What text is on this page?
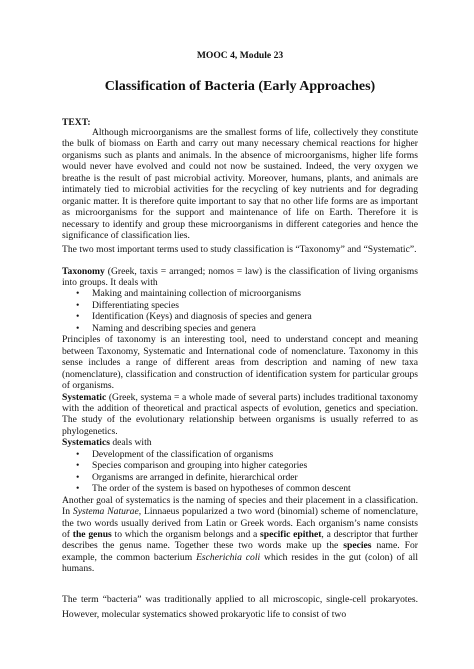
MOOC 4, Module 23
Classification of Bacteria (Early Approaches)
TEXT:

Although microorganisms are the smallest forms of life, collectively they constitute the bulk of biomass on Earth and carry out many necessary chemical reactions for higher organisms such as plants and animals. In the absence of microorganisms, higher life forms would never have evolved and could not now be sustained. Indeed, the very oxygen we breathe is the result of past microbial activity. Moreover, humans, plants, and animals are intimately tied to microbial activities for the recycling of key nutrients and for degrading organic matter. It is therefore quite important to say that no other life forms are as important as microorganisms for the support and maintenance of life on Earth. Therefore it is necessary to identify and group these microorganisms in different categories and hence the significance of classification lies.

The two most important terms used to study classification is “Taxonomy” and “Systematic”.

Taxonomy (Greek, taxis = arranged; nomos = law) is the classification of living organisms into groups. It deals with

• Making and maintaining collection of microorganisms
• Differentiating species
• Identification (Keys) and diagnosis of species and genera
• Naming and describing species and genera

Principles of taxonomy is an interesting tool, need to understand concept and meaning between Taxonomy, Systematic and International code of nomenclature. Taxonomy in this sense includes a range of different areas from description and naming of new taxa (nomenclature), classification and construction of identification system for particular groups of organisms.

Systematic (Greek, systema = a whole made of several parts) includes traditional taxonomy with the addition of theoretical and practical aspects of evolution, genetics and speciation. The study of the evolutionary relationship between organisms is usually referred to as phylogenetics.

Systematics deals with

• Development of the classification of organisms
• Species comparison and grouping into higher categories
• Organisms are arranged in definite, hierarchical order
• The order of the system is based on hypotheses of common descent

Another goal of systematics is the naming of species and their placement in a classification. In Systema Naturae, Linnaeus popularized a two word (binomial) scheme of nomenclature, the two words usually derived from Latin or Greek words. Each organism’s name consists of the genus to which the organism belongs and a specific epithet, a descriptor that further describes the genus name. Together these two words make up the species name. For example, the common bacterium Escherichia coli which resides in the gut (colon) of all humans.

The term “bacteria” was traditionally applied to all microscopic, single-cell prokaryotes. However, molecular systematics showed prokaryotic life to consist of two
